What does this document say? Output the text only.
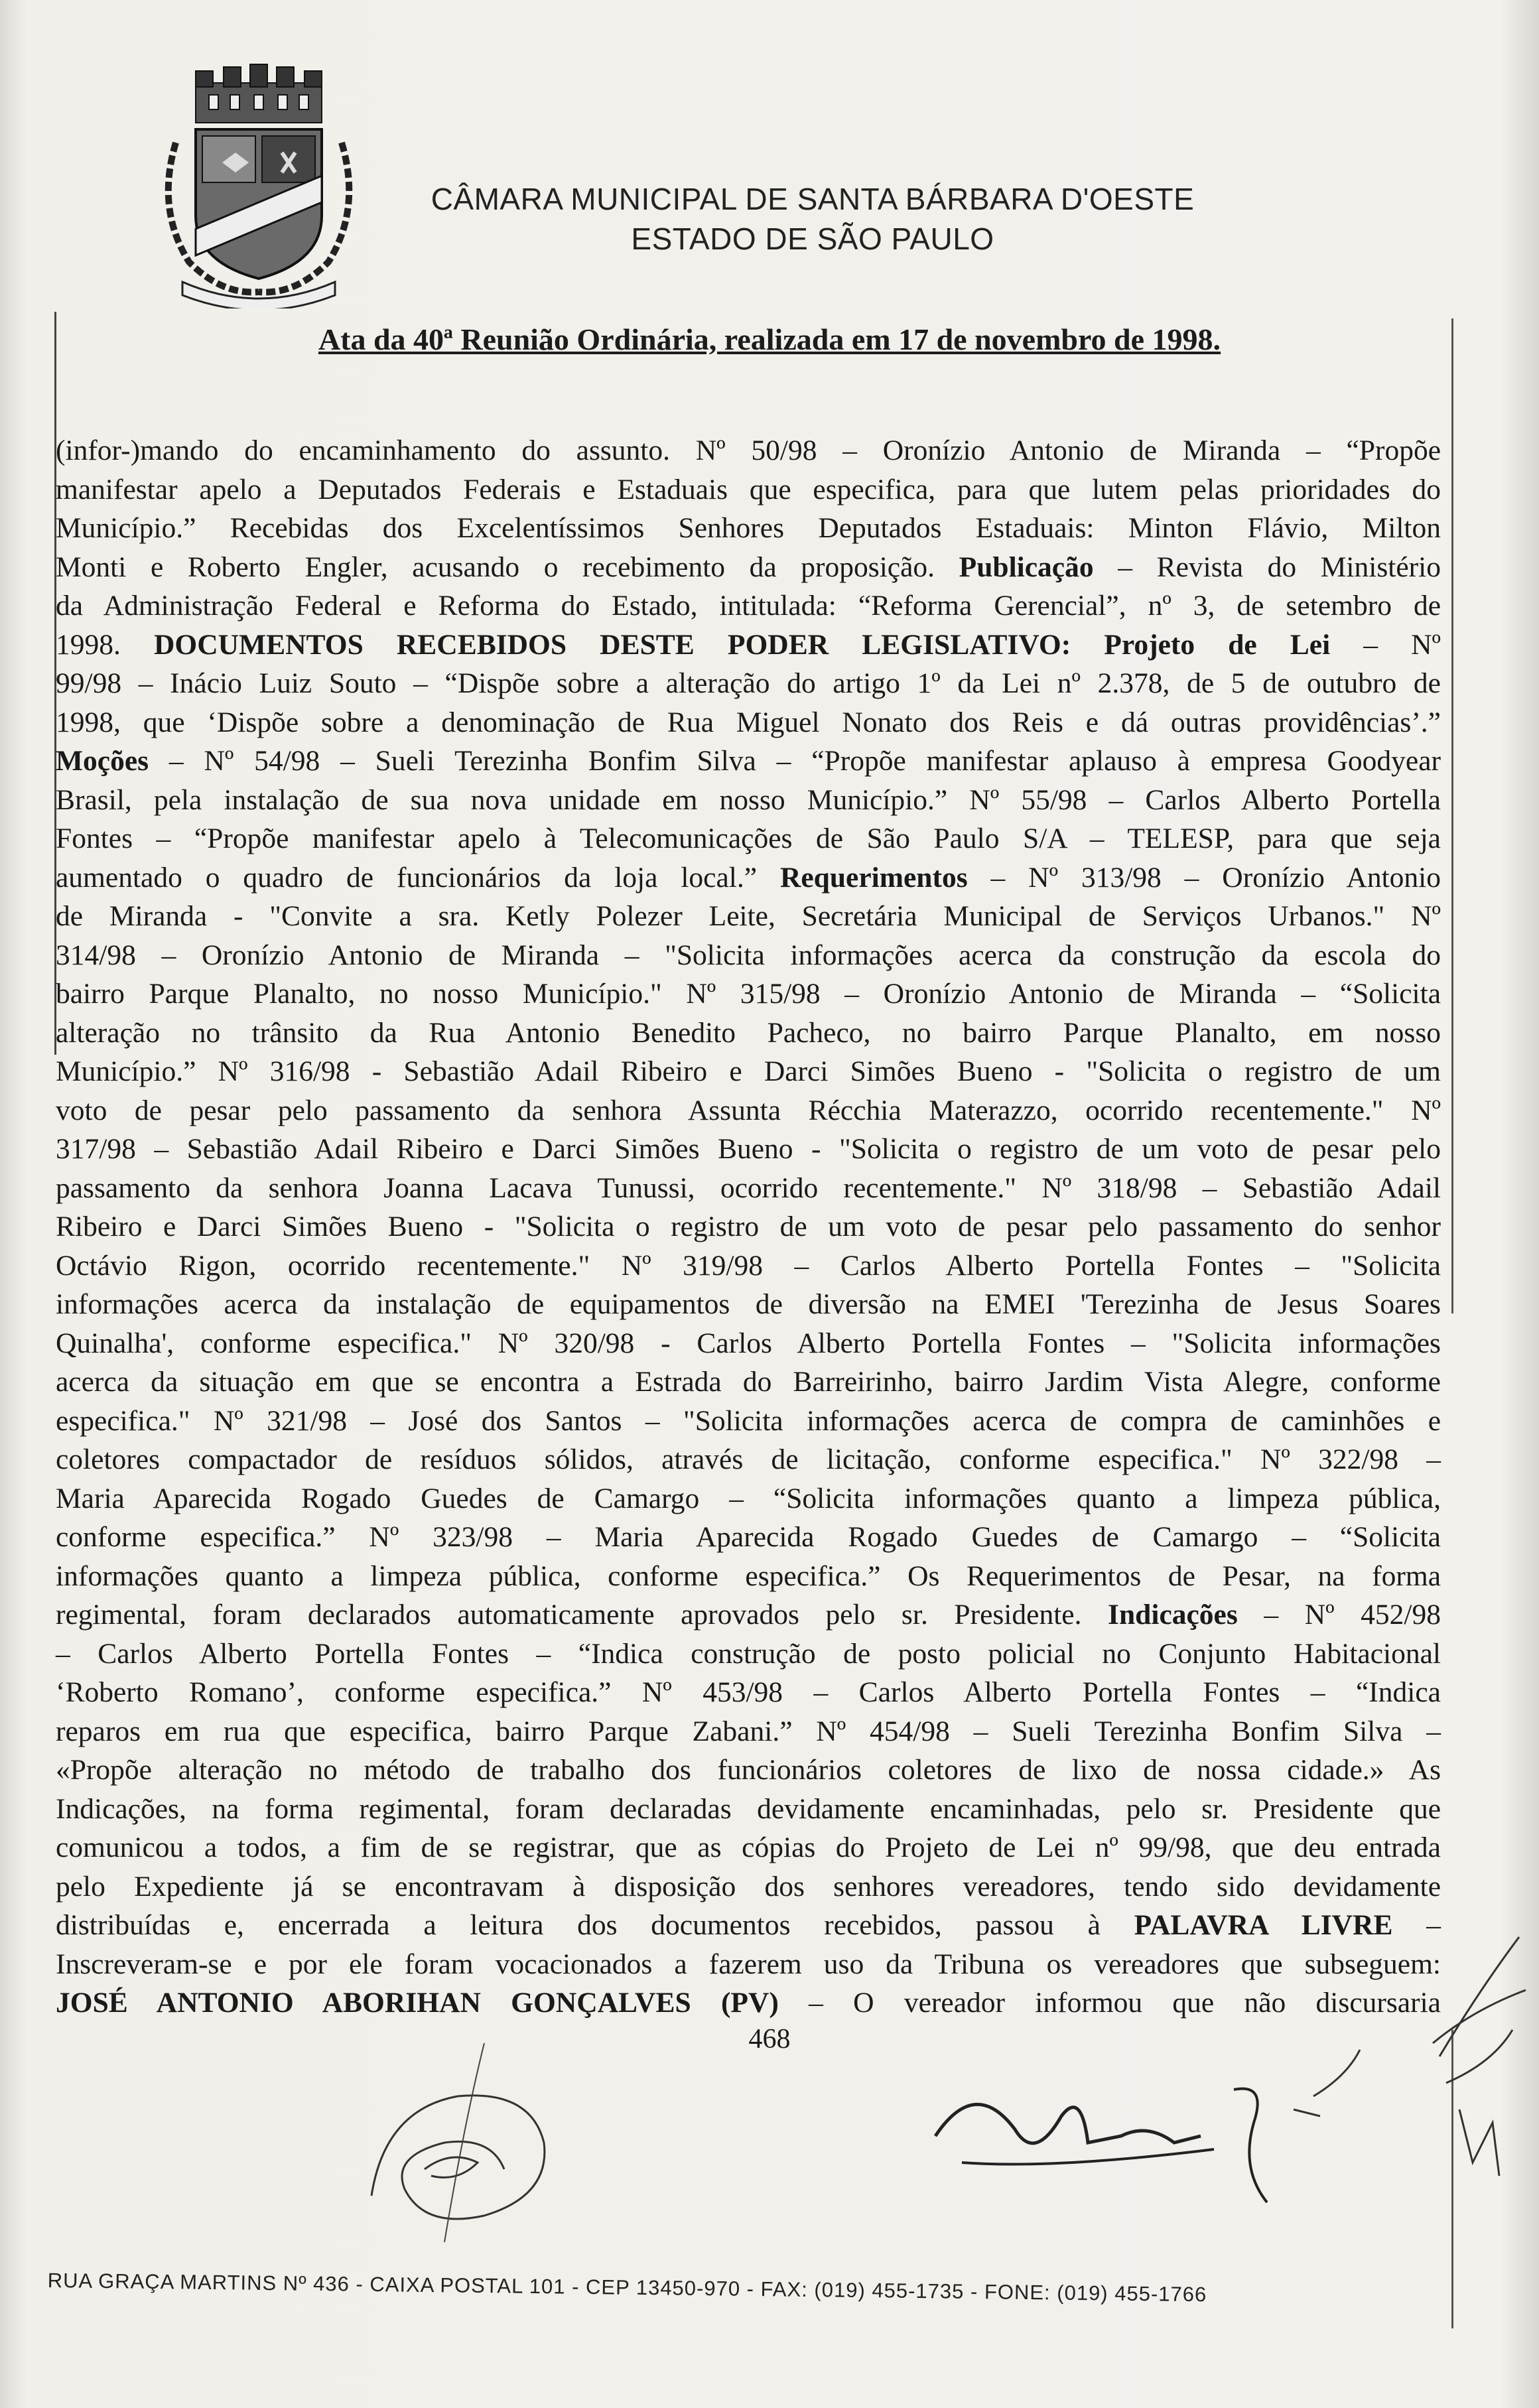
CÂMARA MUNICIPAL DE SANTA BÁRBARA D'OESTE
ESTADO DE SÃO PAULO
Ata da 40ª Reunião Ordinária, realizada em 17 de novembro de 1998.
(infor-)mando do encaminhamento do assunto. Nº 50/98 – Oronízio Antonio de Miranda – “Propõe
manifestar apelo a Deputados Federais e Estaduais que especifica, para que lutem pelas prioridades do
Município.” Recebidas dos Excelentíssimos Senhores Deputados Estaduais: Minton Flávio, Milton
Monti e Roberto Engler, acusando o recebimento da proposição. Publicação – Revista do Ministério
da Administração Federal e Reforma do Estado, intitulada: “Reforma Gerencial”, nº 3, de setembro de
1998. DOCUMENTOS RECEBIDOS DESTE PODER LEGISLATIVO: Projeto de Lei – Nº
99/98 – Inácio Luiz Souto – “Dispõe sobre a alteração do artigo 1º da Lei nº 2.378, de 5 de outubro de
1998, que ‘Dispõe sobre a denominação de Rua Miguel Nonato dos Reis e dá outras providências’.”
Moções – Nº 54/98 – Sueli Terezinha Bonfim Silva – “Propõe manifestar aplauso à empresa Goodyear
Brasil, pela instalação de sua nova unidade em nosso Município.” Nº 55/98 – Carlos Alberto Portella
Fontes – “Propõe manifestar apelo à Telecomunicações de São Paulo S/A – TELESP, para que seja
aumentado o quadro de funcionários da loja local.” Requerimentos – Nº 313/98 – Oronízio Antonio
de Miranda - "Convite a sra. Ketly Polezer Leite, Secretária Municipal de Serviços Urbanos." Nº
314/98 – Oronízio Antonio de Miranda – "Solicita informações acerca da construção da escola do
bairro Parque Planalto, no nosso Município." Nº 315/98 – Oronízio Antonio de Miranda – “Solicita
alteração no trânsito da Rua Antonio Benedito Pacheco, no bairro Parque Planalto, em nosso
Município.” Nº 316/98 - Sebastião Adail Ribeiro e Darci Simões Bueno - "Solicita o registro de um
voto de pesar pelo passamento da senhora Assunta Récchia Materazzo, ocorrido recentemente." Nº
317/98 – Sebastião Adail Ribeiro e Darci Simões Bueno - "Solicita o registro de um voto de pesar pelo
passamento da senhora Joanna Lacava Tunussi, ocorrido recentemente." Nº 318/98 – Sebastião Adail
Ribeiro e Darci Simões Bueno - "Solicita o registro de um voto de pesar pelo passamento do senhor
Octávio Rigon, ocorrido recentemente." Nº 319/98 – Carlos Alberto Portella Fontes – "Solicita
informações acerca da instalação de equipamentos de diversão na EMEI 'Terezinha de Jesus Soares
Quinalha', conforme especifica." Nº 320/98 - Carlos Alberto Portella Fontes – "Solicita informações
acerca da situação em que se encontra a Estrada do Barreirinho, bairro Jardim Vista Alegre, conforme
especifica." Nº 321/98 – José dos Santos – "Solicita informações acerca de compra de caminhões e
coletores compactador de resíduos sólidos, através de licitação, conforme especifica." Nº 322/98 –
Maria Aparecida Rogado Guedes de Camargo – “Solicita informações quanto a limpeza pública,
conforme especifica.” Nº 323/98 – Maria Aparecida Rogado Guedes de Camargo – “Solicita
informações quanto a limpeza pública, conforme especifica.” Os Requerimentos de Pesar, na forma
regimental, foram declarados automaticamente aprovados pelo sr. Presidente. Indicações – Nº 452/98
– Carlos Alberto Portella Fontes – “Indica construção de posto policial no Conjunto Habitacional
‘Roberto Romano’, conforme especifica.” Nº 453/98 – Carlos Alberto Portella Fontes – “Indica
reparos em rua que especifica, bairro Parque Zabani.” Nº 454/98 – Sueli Terezinha Bonfim Silva –
«Propõe alteração no método de trabalho dos funcionários coletores de lixo de nossa cidade.» As
Indicações, na forma regimental, foram declaradas devidamente encaminhadas, pelo sr. Presidente que
comunicou a todos, a fim de se registrar, que as cópias do Projeto de Lei nº 99/98, que deu entrada
pelo Expediente já se encontravam à disposição dos senhores vereadores, tendo sido devidamente
distribuídas e, encerrada a leitura dos documentos recebidos, passou à PALAVRA LIVRE –
Inscreveram-se e por ele foram vocacionados a fazerem uso da Tribuna os vereadores que subseguem:
JOSÉ ANTONIO ABORIHAN GONÇALVES (PV) – O vereador informou que não discursaria
468
RUA GRAÇA MARTINS Nº 436 - CAIXA POSTAL 101 - CEP 13450-970 - FAX: (019) 455-1735 - FONE: (019) 455-1766
